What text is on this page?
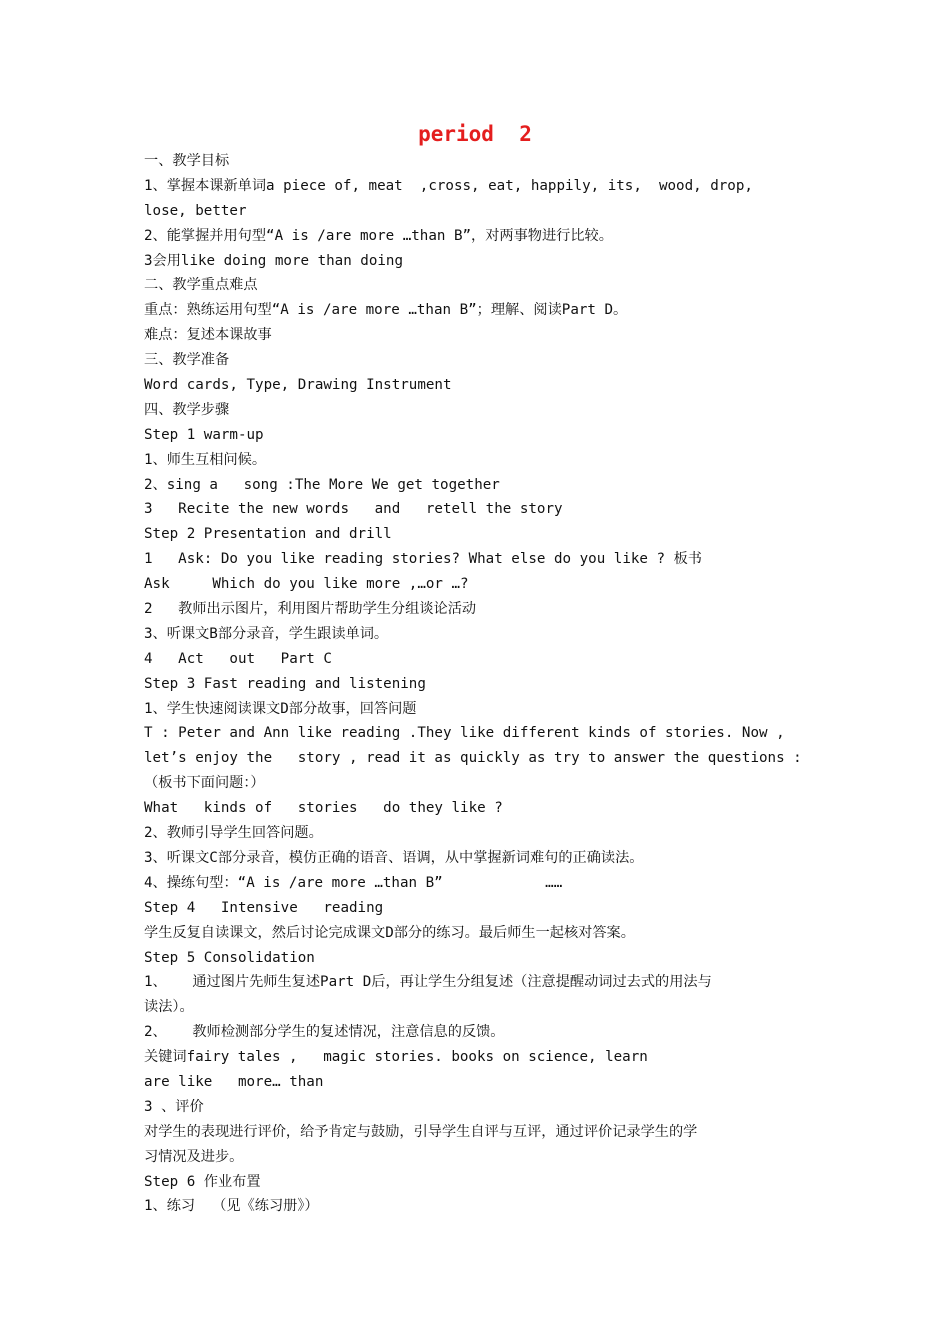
period  2
一、教学目标
1、掌握本课新单词a piece of, meat  ,cross, eat, happily, its,  wood, drop,
lose, better
2、能掌握并用句型“A is /are more …than B”，对两事物进行比较。
3会用like doing more than doing
二、教学重点难点
重点：熟练运用句型“A is /are more …than B”；理解、阅读Part D。
难点：复述本课故事
三、教学准备
Word cards, Type, Drawing Instrument
四、教学步骤
Step 1 warm-up
1、师生互相问候。
2、sing a   song :The More We get together
3   Recite the new words   and   retell the story
Step 2 Presentation and drill
1   Ask: Do you like reading stories? What else do you like ? 板书
Ask     Which do you like more ,…or …?
2   教师出示图片，利用图片帮助学生分组谈论活动
3、听课文B部分录音，学生跟读单词。
4   Act   out   Part C
Step 3 Fast reading and listening
1、学生快速阅读课文D部分故事，回答问题
T : Peter and Ann like reading .They like different kinds of stories. Now ,
let’s enjoy the   story , read it as quickly as try to answer the questions :
（板书下面问题：）
What   kinds of   stories   do they like ?
2、教师引导学生回答问题。
3、听课文C部分录音，模仿正确的语音、语调，从中掌握新词难句的正确读法。
4、操练句型：“A is /are more …than B”            ……
Step 4   Intensive   reading
学生反复自读课文，然后讨论完成课文D部分的练习。最后师生一起核对答案。
Step 5 Consolidation
1、   通过图片先师生复述Part D后，再让学生分组复述（注意提醒动词过去式的用法与
读法）。
2、   教师检测部分学生的复述情况，注意信息的反馈。
关键词fairy tales ,   magic stories. books on science, learn
are like   more… than
3 、评价
对学生的表现进行评价，给予肯定与鼓励，引导学生自评与互评，通过评价记录学生的学
习情况及进步。
Step 6 作业布置
1、练习  （见《练习册》）
